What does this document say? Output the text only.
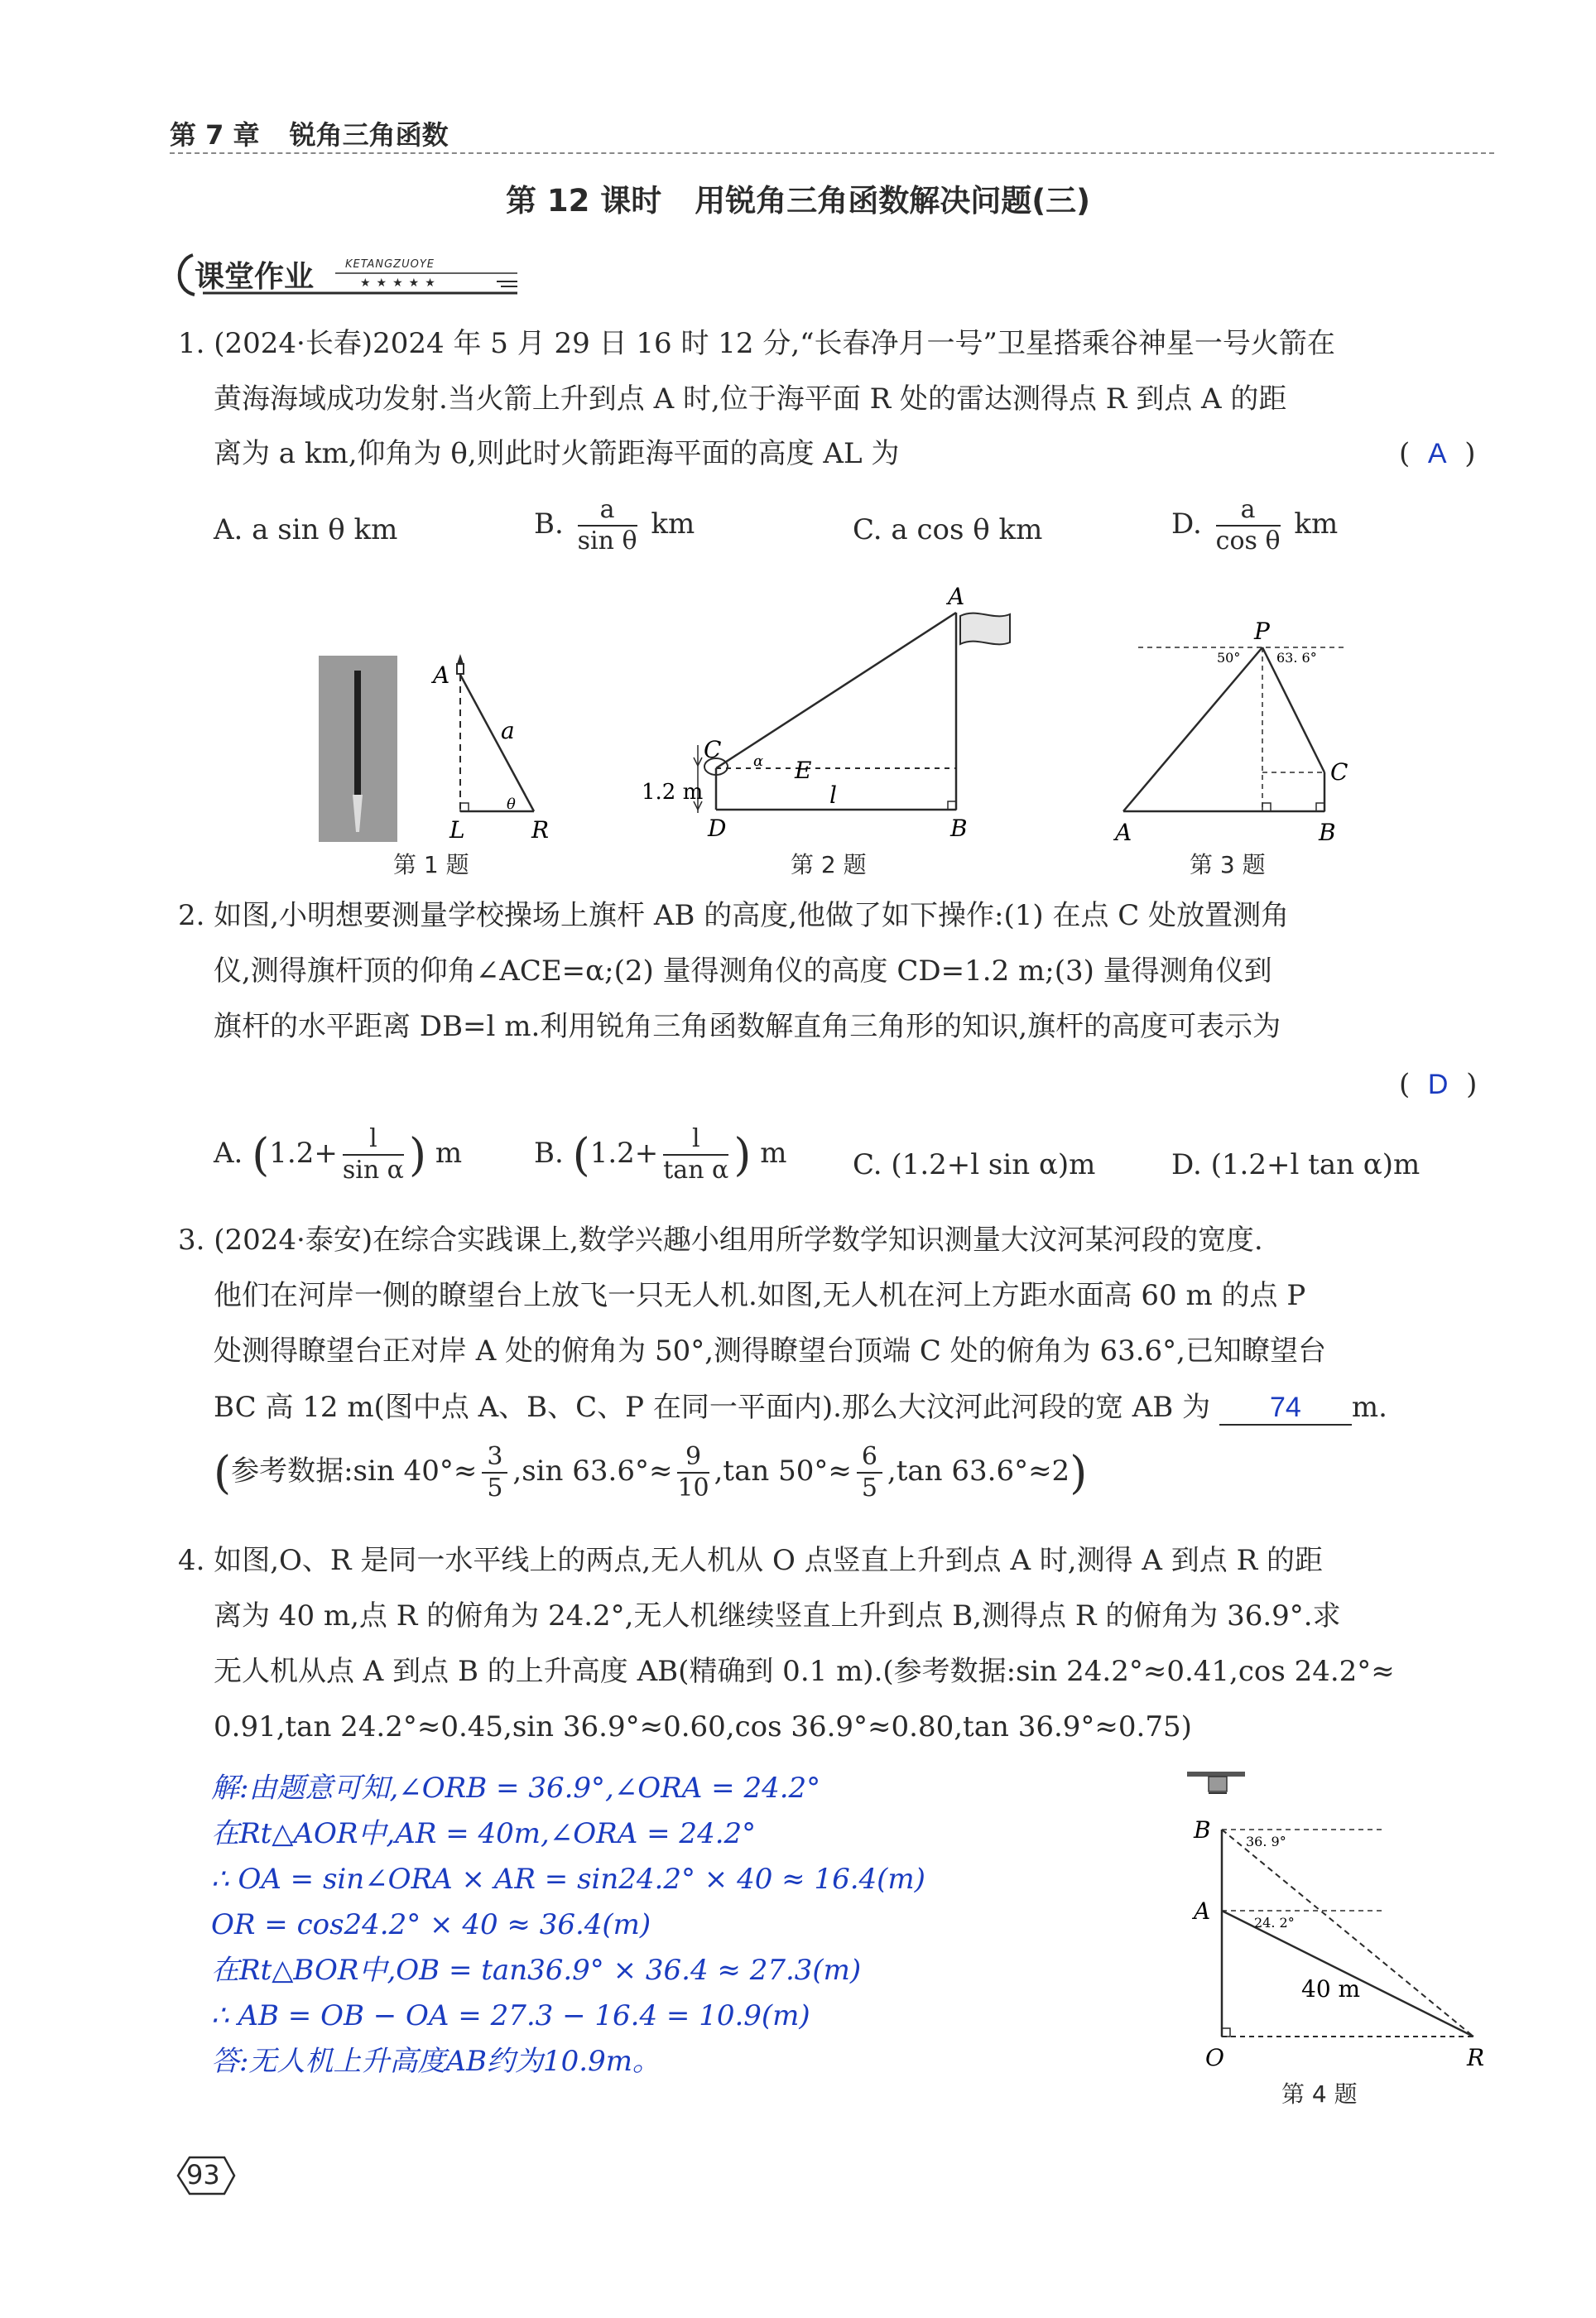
第 7 章 锐角三角函数
第 12 课时 用锐角三角函数解决问题(三)
课堂作业	KETANGZUOYE
★★★★★
1. (2024·长春)2024 年 5 月 29 日 16 时 12 分,“长春净月一号”卫星搭乘谷神星一号火箭在
黄海海域成功发射.当火箭上升到点 A 时,位于海平面 R 处的雷达测得点 R 到点 A 的距
离为 a km,仰角为 θ,则此时火箭距海平面的高度 AL 为	(  A  )
A. a sin θ km	B. $\frac{a}{\text{sin θ}}$ km	C. a cos θ km	D. $\frac{a}{\text{cos θ}}$ km
A
a
θ
L	R
第 1 题
A
C α E
1.2 m	l
D	B
第 2 题
P
50°	63. 6°
C
A	B
第 3 题
2. 如图,小明想要测量学校操场上旗杆 AB 的高度,他做了如下操作:(1) 在点 C 处放置测角
仪,测得旗杆顶的仰角∠ACE=α;(2) 量得测角仪的高度 CD=1.2 m;(3) 量得测角仪到
旗杆的水平距离 DB=l m.利用锐角三角函数解直角三角形的知识,旗杆的高度可表示为
(  D  )
A. ($1.2+ \frac{l}{\text{sin α}}$ ) m	B. ($1.2+ \frac{l}{\text{tan α}}$ ) m C. (1.2+l sin α)m	D. (1.2+l tan α)m
3. (2024·泰安)在综合实践课上,数学兴趣小组用所学数学知识测量大汶河某河段的宽度.
他们在河岸一侧的瞭望台上放飞一只无人机.如图,无人机在河上方距水面高 60 m 的点 P
处测得瞭望台正对岸 A 处的俯角为 50°,测得瞭望台顶端 C 处的俯角为 63.6°,已知瞭望台
BC 高 12 m(图中点 A、B、C、P 在同一平面内).那么大汶河此河段的宽 AB 为 74 m.
(参考数据:sin $40^\circ\approx \frac{3}{5} ,\sin$ $63.6^\circ\approx \frac{9}{10} ,\tan$ $50^\circ\approx \frac{6}{5} ,\tan$ 63.6°≈2)
4. 如图,O、R 是同一水平线上的两点,无人机从 O 点竖直上升到点 A 时,测得 A 到点 R 的距
离为 40 m,点 R 的俯角为 24.2°,无人机继续竖直上升到点 B,测得点 R 的俯角为 36.9°.求
无人机从点 A 到点 B 的上升高度 AB(精确到 0.1 m).(参考数据:sin 24.2°≈0.41,cos 24.2°≈
0.91,tan 24.2°≈0.45,sin 36.9°≈0.60,cos 36.9°≈0.80,tan 36.9°≈0.75)
解:由题意可知,∠ORB = 36.9°,∠ORA = 24.2°
在Rt△AOR中,AR = 40m,∠ORA = 24.2°
∴ OA = sin∠ORA × AR = sin24.2° × 40 ≈ 16.4(m)
OR = cos24.2° × 40 ≈ 36.4(m)
在Rt△BOR中,OB = tan36.9° × 36.4 ≈ 27.3(m)
∴ AB = OB − OA = 27.3 − 16.4 = 10.9(m)
答:无人机上升高度AB约为10.9m。
B	36. 9°
A	24. 2°
40 m
O	R
第 4 题
93
